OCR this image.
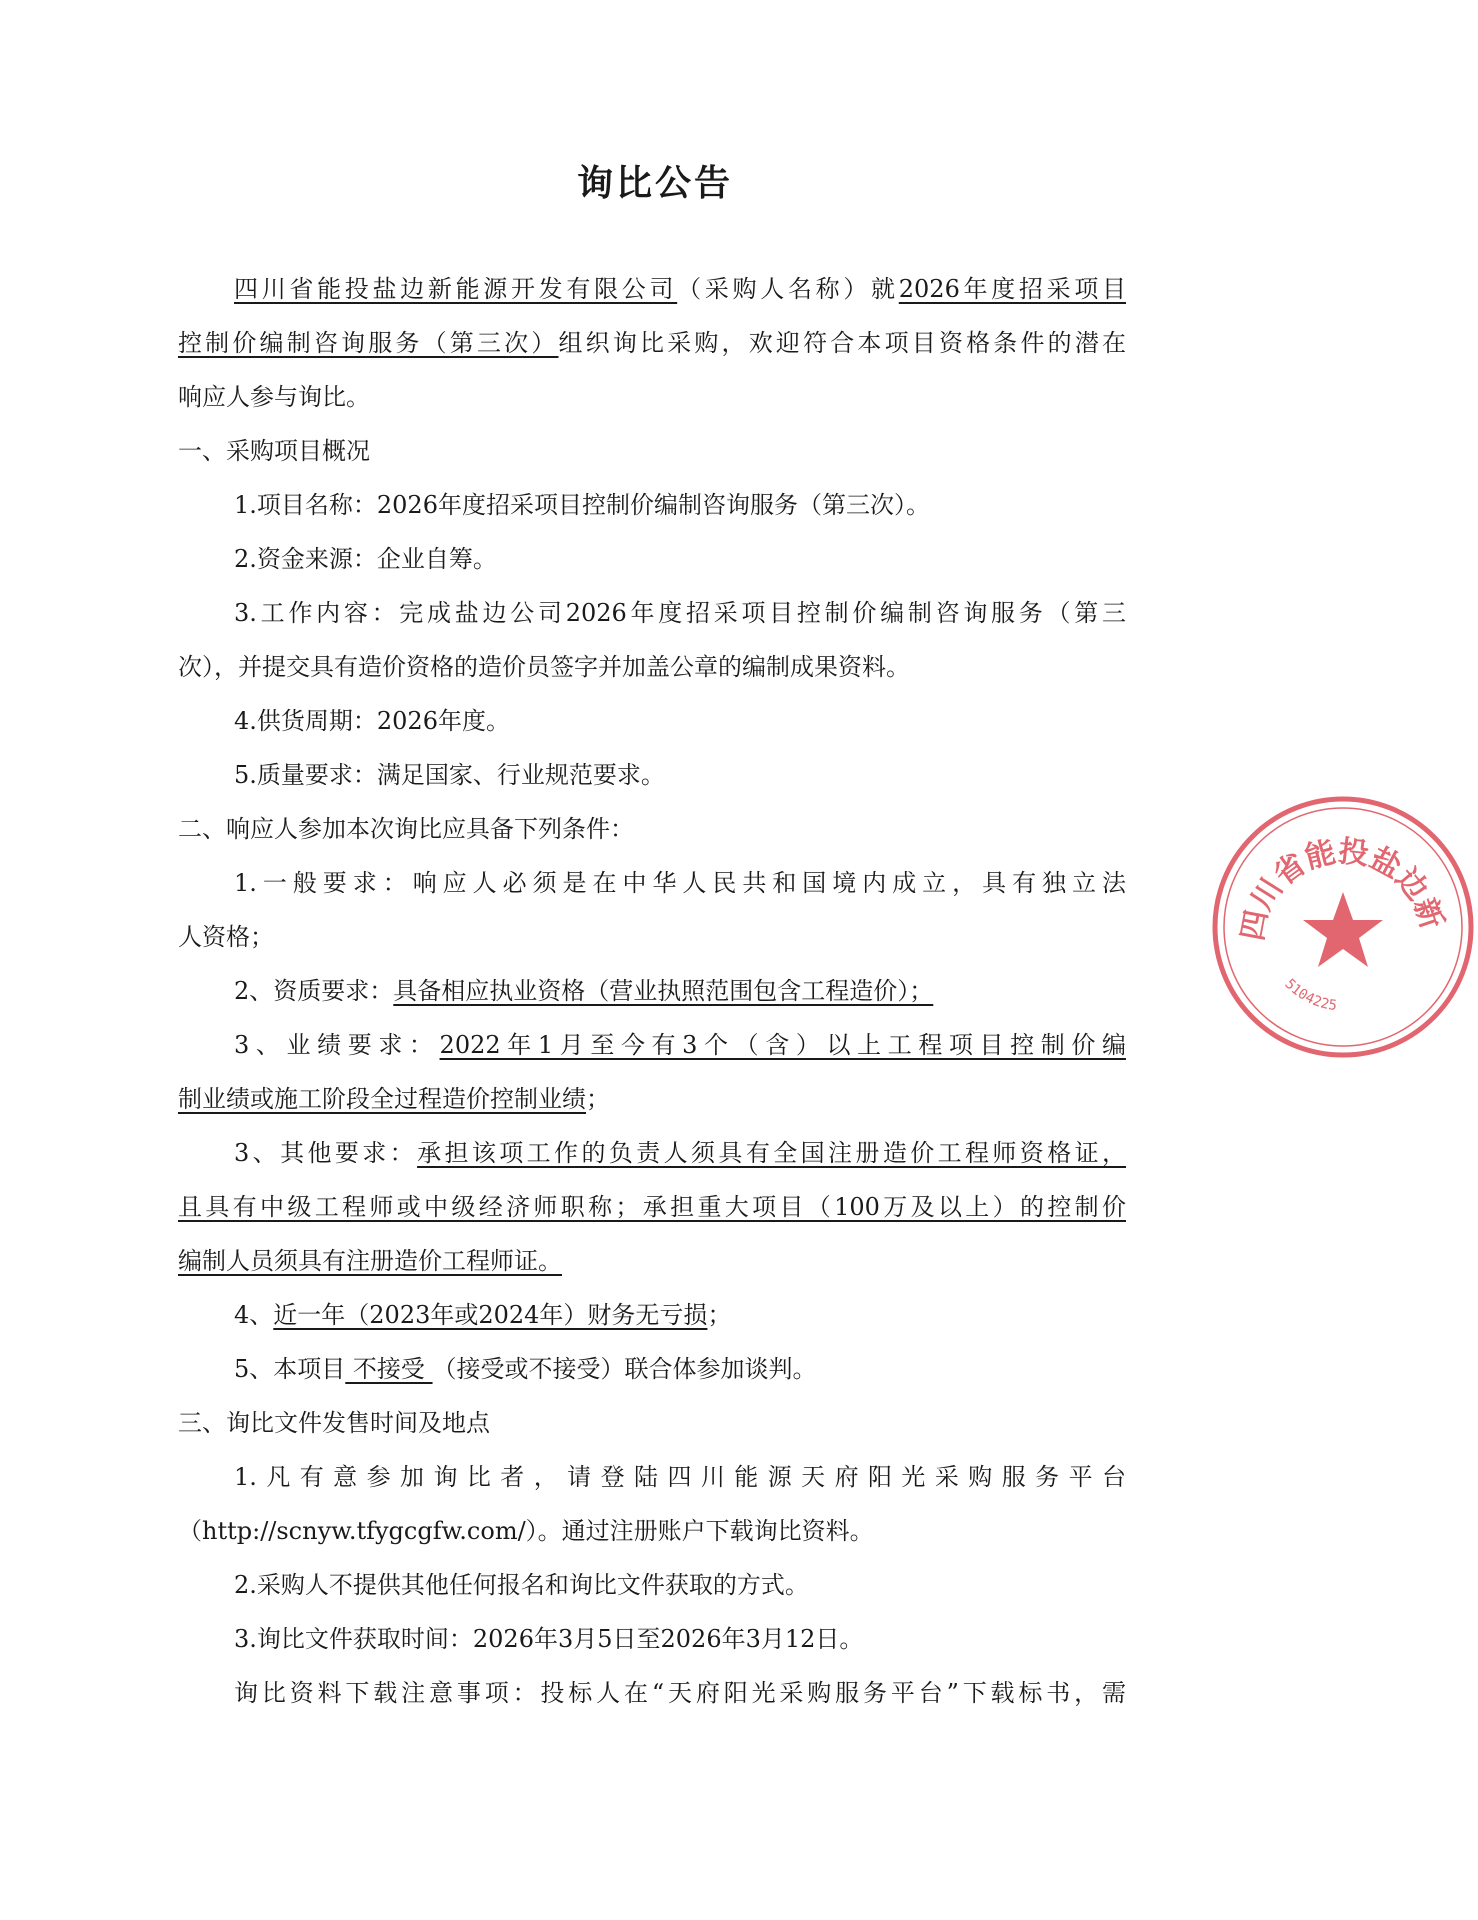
询比公告
四川省能投盐边新能源开发有限公司（采购人名称）就2026年度招采项目
控制价编制咨询服务（第三次）组织询比采购，欢迎符合本项目资格条件的潜在
响应人参与询比。
一、采购项目概况
1.项目名称：2026年度招采项目控制价编制咨询服务（第三次）。
2.资金来源：企业自筹。
3.工作内容：完成盐边公司2026年度招采项目控制价编制咨询服务（第三
次），并提交具有造价资格的造价员签字并加盖公章的编制成果资料。
4.供货周期：2026年度。
5.质量要求：满足国家、行业规范要求。
二、响应人参加本次询比应具备下列条件：
1.一般要求：响应人必须是在中华人民共和国境内成立，具有独立法
人资格；
2、资质要求：具备相应执业资格（营业执照范围包含工程造价）；
3、业绩要求：2022年1月至今有3个（含）以上工程项目控制价编
制业绩或施工阶段全过程造价控制业绩；
3、其他要求：承担该项工作的负责人须具有全国注册造价工程师资格证，
且具有中级工程师或中级经济师职称；承担重大项目（100万及以上）的控制价
编制人员须具有注册造价工程师证。
4、近一年（2023年或2024年）财务无亏损；
5、本项目 不接受 （接受或不接受）联合体参加谈判。
三、询比文件发售时间及地点
1.凡有意参加询比者，请登陆四川能源天府阳光采购服务平台
（http://scnyw.tfygcgfw.com/）。通过注册账户下载询比资料。
2.采购人不提供其他任何报名和询比文件获取的方式。
3.询比文件获取时间：2026年3月5日至2026年3月12日。
询比资料下载注意事项：投标人在“天府阳光采购服务平台”下载标书，需
四川省能投盐边新
5104225
